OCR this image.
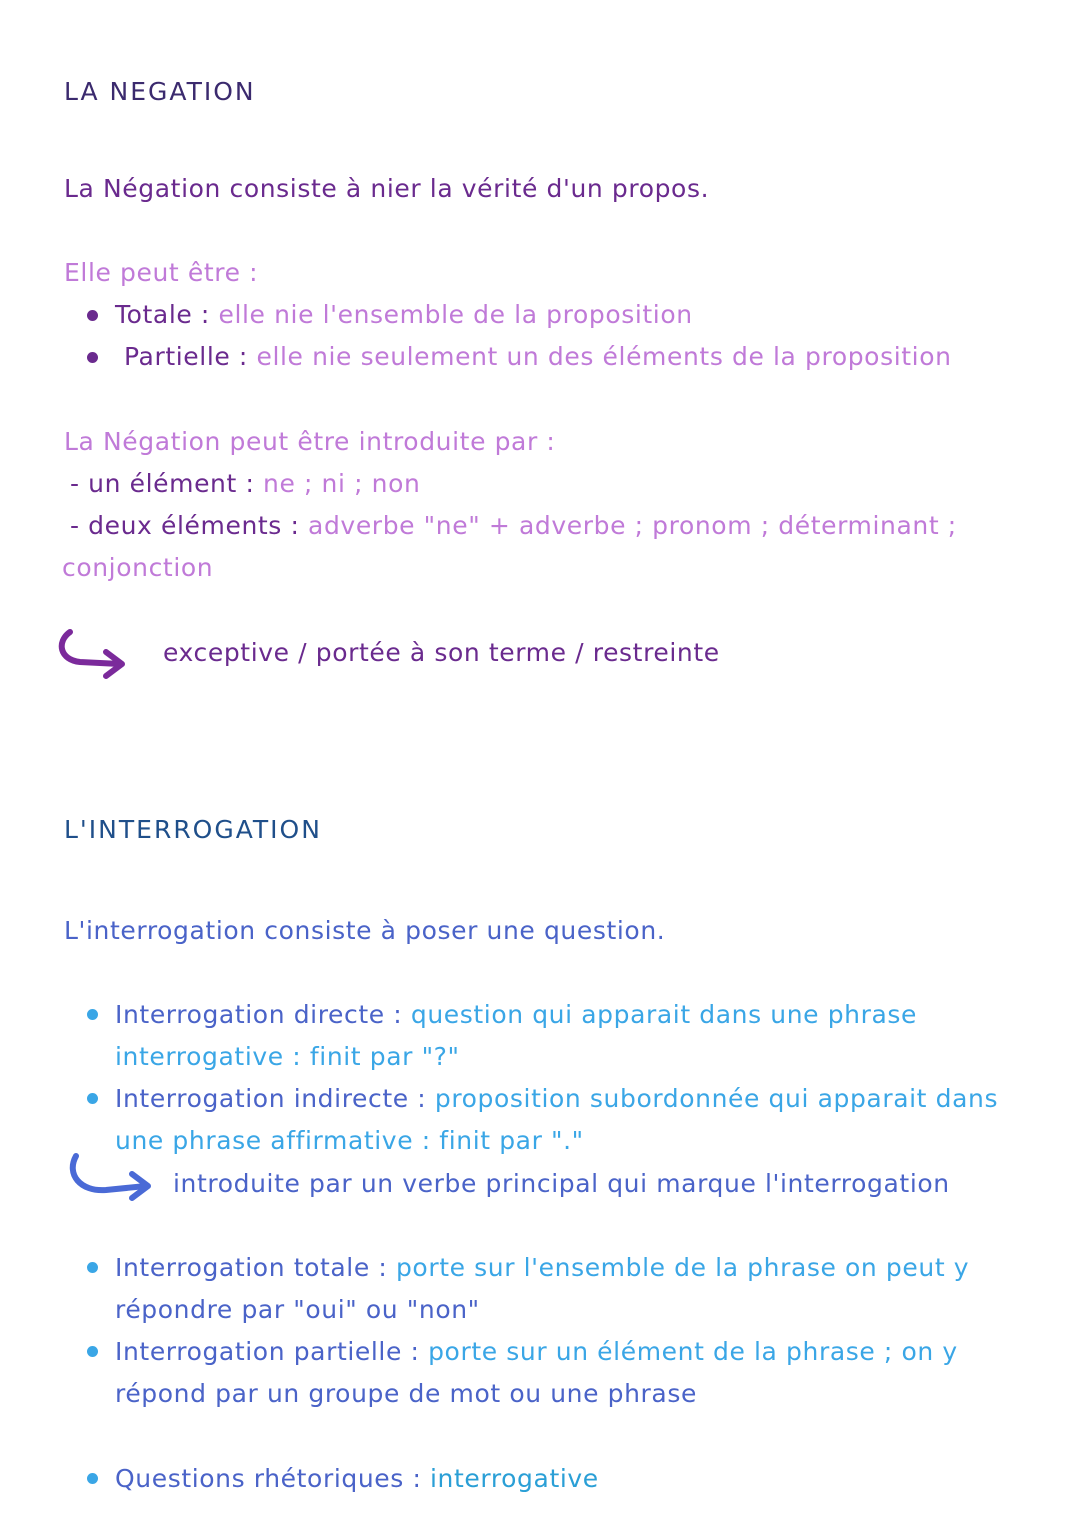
LA NEGATION
La Négation consiste à nier la vérité d'un propos.
Elle peut être :
Totale : elle nie l'ensemble de la proposition
Partielle : elle nie seulement un des éléments de la proposition
La Négation peut être introduite par :
- un élément : ne ; ni ; non
- deux éléments : adverbe "ne" + adverbe ; pronom ; déterminant ;
conjonction
exceptive / portée à son terme / restreinte
L'INTERROGATION
L'interrogation consiste à poser une question.
Interrogation directe : question qui apparait dans une phrase
interrogative : finit par "?"
Interrogation indirecte : proposition subordonnée qui apparait dans
une phrase affirmative : finit par "."
introduite par un verbe principal qui marque l'interrogation
Interrogation totale : porte sur l'ensemble de la phrase on peut y
répondre par "oui" ou "non"
Interrogation partielle : porte sur un élément de la phrase ; on y
répond par un groupe de mot ou une phrase
Questions rhétoriques : interrogative
